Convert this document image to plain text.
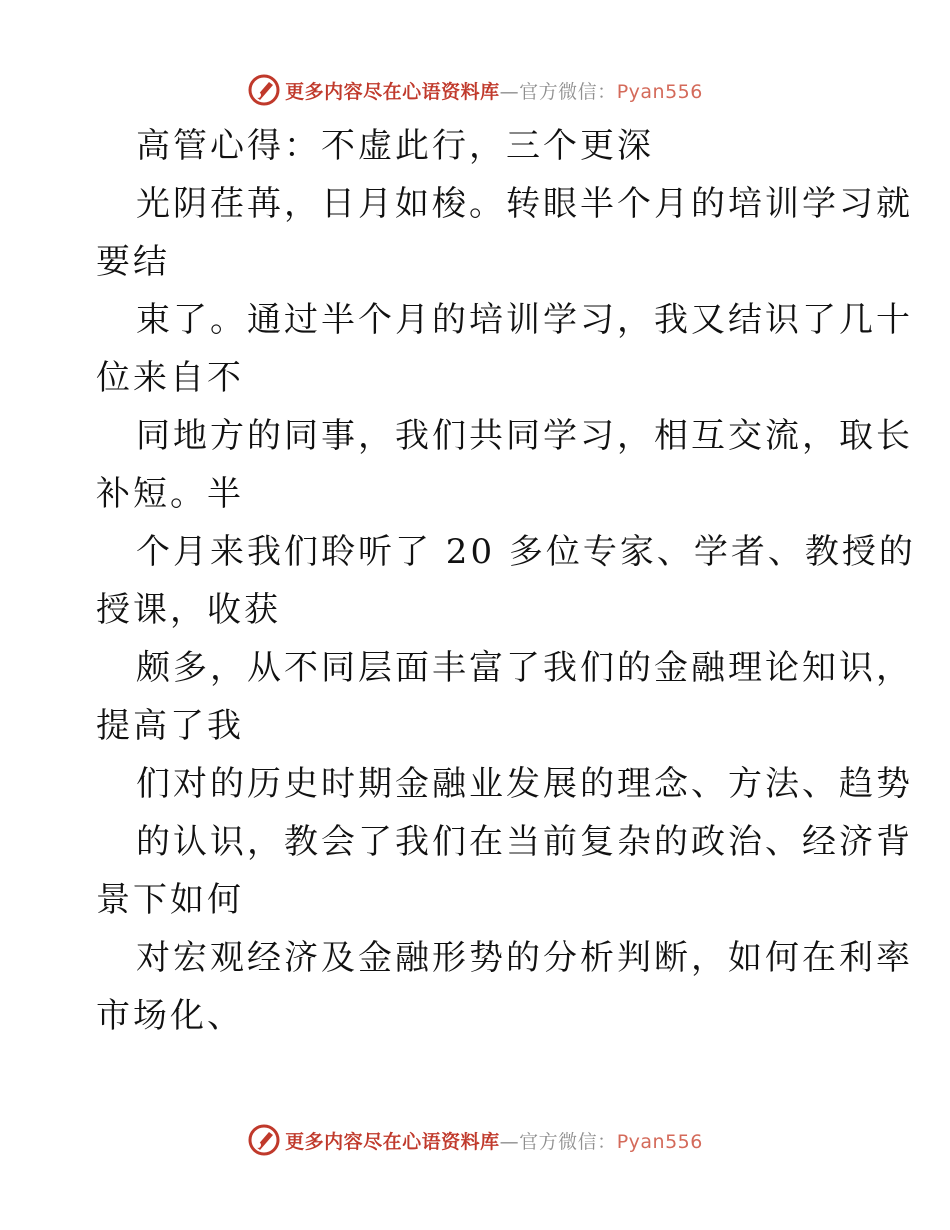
更多内容尽在心语资料库—官方微信：Pyan556
高管心得：不虚此行，三个更深
光阴荏苒，日月如梭。转眼半个月的培训学习就
要结
束了。通过半个月的培训学习，我又结识了几十
位来自不
同地方的同事，我们共同学习，相互交流，取长
补短。半
个月来我们聆听了 20 多位专家、学者、教授的
授课，收获
颇多，从不同层面丰富了我们的金融理论知识，
提高了我
们对的历史时期金融业发展的理念、方法、趋势
的认识，教会了我们在当前复杂的政治、经济背
景下如何
对宏观经济及金融形势的分析判断，如何在利率
市场化、
更多内容尽在心语资料库—官方微信：Pyan556
